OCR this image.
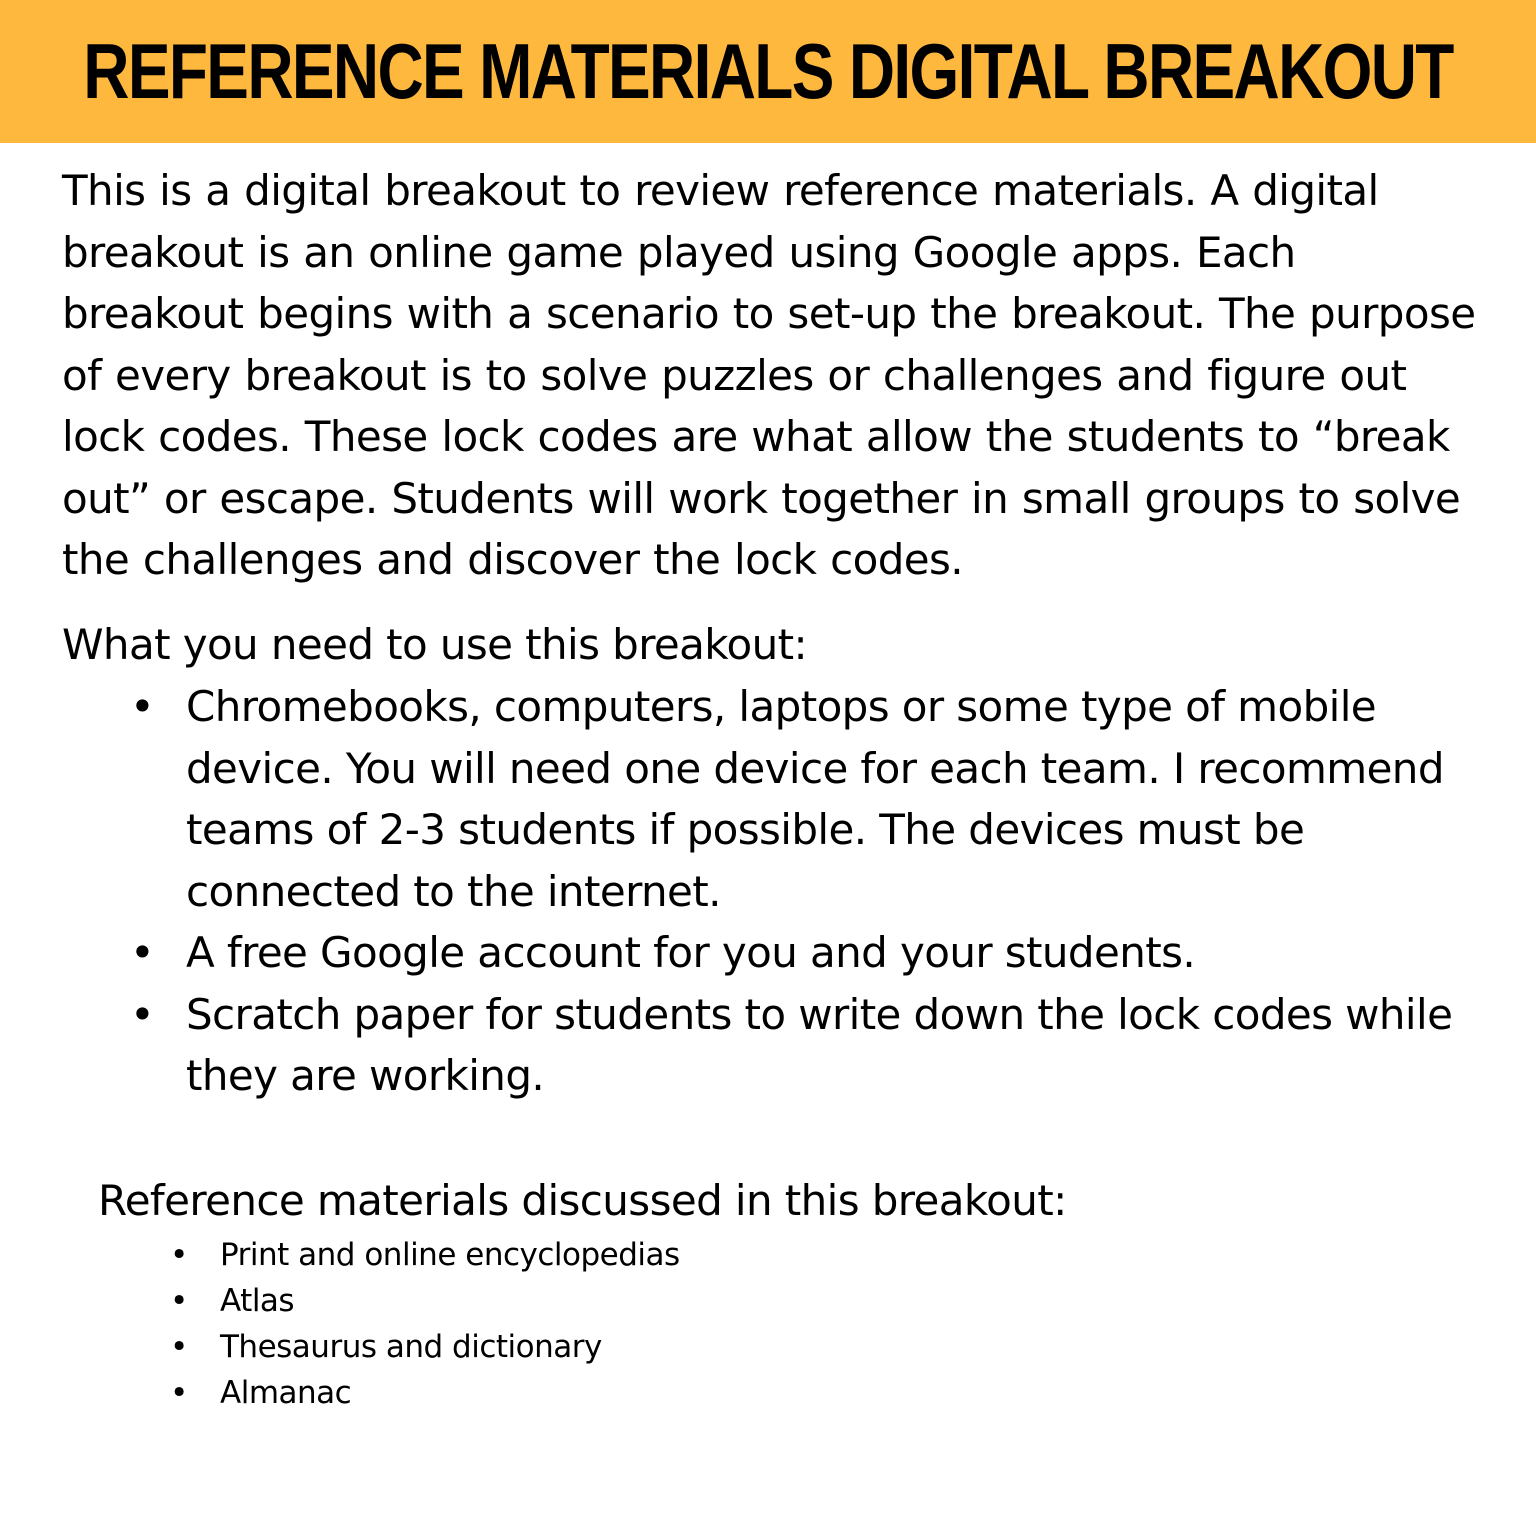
REFERENCE MATERIALS DIGITAL BREAKOUT

This is a digital breakout to review reference materials. A digital breakout is an online game played using Google apps. Each breakout begins with a scenario to set-up the breakout. The purpose of every breakout is to solve puzzles or challenges and figure out lock codes. These lock codes are what allow the students to “break out” or escape. Students will work together in small groups to solve the challenges and discover the lock codes.

What you need to use this breakout:

• Chromebooks, computers, laptops or some type of mobile device. You will need one device for each team. I recommend teams of 2-3 students if possible. The devices must be connected to the internet.
• A free Google account for you and your students.
• Scratch paper for students to write down the lock codes while they are working.

Reference materials discussed in this breakout:

• Print and online encyclopedias
• Atlas
• Thesaurus and dictionary
• Almanac
